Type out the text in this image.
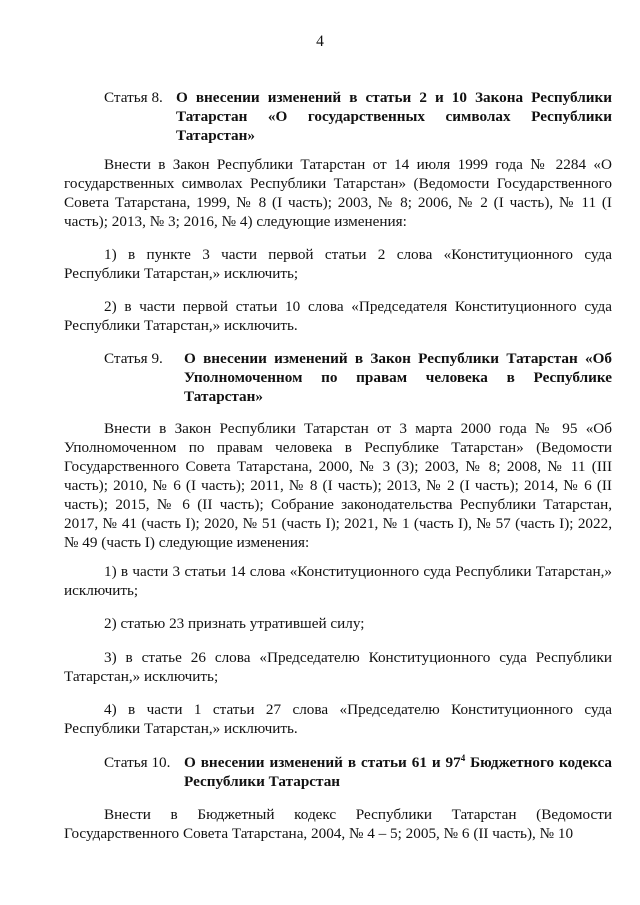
4
Статья 8. О внесении изменений в статьи 2 и 10 Закона Республики Татарстан «О государственных символах Республики Татарстан»
Внести в Закон Республики Татарстан от 14 июля 1999 года № 2284 «О государственных символах Республики Татарстан» (Ведомости Государственного Совета Татарстана, 1999, № 8 (I часть); 2003, № 8; 2006, № 2 (I часть), № 11 (I часть); 2013, № 3; 2016, № 4) следующие изменения:
1) в пункте 3 части первой статьи 2 слова «Конституционного суда Республики Татарстан,» исключить;
2) в части первой статьи 10 слова «Председателя Конституционного суда Республики Татарстан,» исключить.
Статья 9.	О внесении изменений в Закон Республики Татарстан «Об Уполномоченном по правам человека в Республике Татарстан»
Внести в Закон Республики Татарстан от 3 марта 2000 года № 95 «Об Уполномоченном по правам человека в Республике Татарстан» (Ведомости Государственного Совета Татарстана, 2000, № 3 (3); 2003, № 8; 2008, № 11 (III часть); 2010, № 6 (I часть); 2011, № 8 (I часть); 2013, № 2 (I часть); 2014, № 6 (II часть); 2015, № 6 (II часть); Собрание законодательства Республики Татарстан, 2017, № 41 (часть I); 2020, № 51 (часть I); 2021, № 1 (часть I), № 57 (часть I); 2022, № 49 (часть I) следующие изменения:
1) в части 3 статьи 14 слова «Конституционного суда Республики Татарстан,» исключить;
2) статью 23 признать утратившей силу;
3) в статье 26 слова «Председателю Конституционного суда Республики Татарстан,» исключить;
4) в части 1 статьи 27 слова «Председателю Конституционного суда Республики Татарстан,» исключить.
Статья 10. О внесении изменений в статьи 61 и $97^4$ Бюджетного кодекса Республики Татарстан
Внести в Бюджетный кодекс Республики Татарстан (Ведомости Государственного Совета Татарстана, 2004, № 4 – 5; 2005, № 6 (II часть), № 10
